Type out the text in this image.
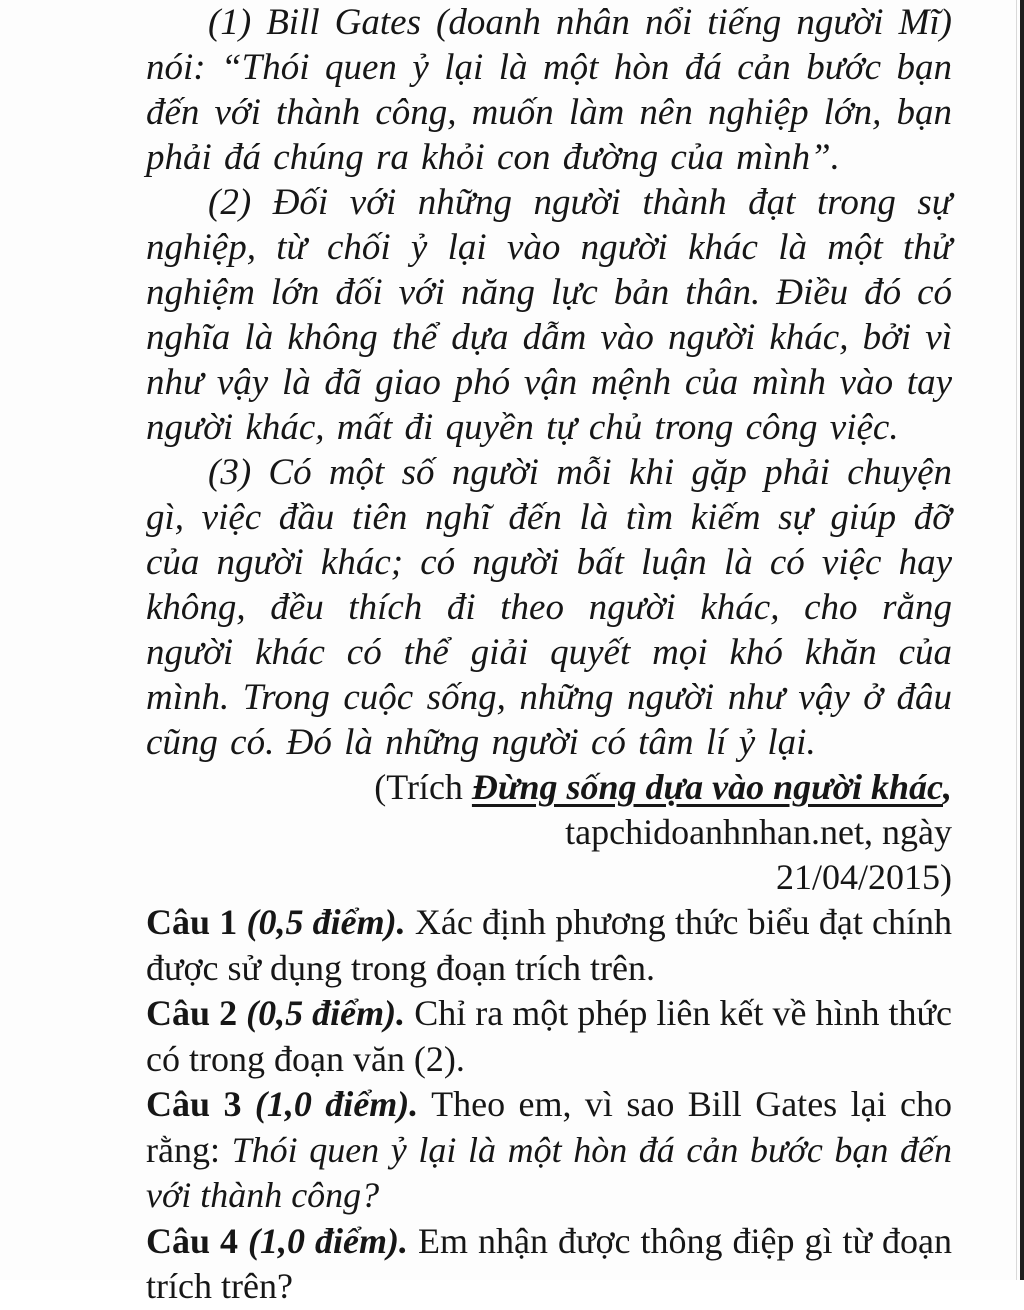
(1) Bill Gates (doanh nhân nổi tiếng người Mĩ) nói: “Thói quen ỷ lại là một hòn đá cản bước bạn đến với thành công, muốn làm nên nghiệp lớn, bạn phải đá chúng ra khỏi con đường của mình”.

(2) Đối với những người thành đạt trong sự nghiệp, từ chối ỷ lại vào người khác là một thử nghiệm lớn đối với năng lực bản thân. Điều đó có nghĩa là không thể dựa dẫm vào người khác, bởi vì như vậy là đã giao phó vận mệnh của mình vào tay người khác, mất đi quyền tự chủ trong công việc.

(3) Có một số người mỗi khi gặp phải chuyện gì, việc đầu tiên nghĩ đến là tìm kiếm sự giúp đỡ của người khác; có người bất luận là có việc hay không, đều thích đi theo người khác, cho rằng người khác có thể giải quyết mọi khó khăn của mình. Trong cuộc sống, những người như vậy ở đâu cũng có. Đó là những người có tâm lí ỷ lại.

(Trích Đừng sống dựa vào người khác,
tapchidoanhnhan.net, ngày
21/04/2015)

Câu 1 (0,5 điểm). Xác định phương thức biểu đạt chính được sử dụng trong đoạn trích trên.

Câu 2 (0,5 điểm). Chỉ ra một phép liên kết về hình thức có trong đoạn văn (2).

Câu 3 (1,0 điểm). Theo em, vì sao Bill Gates lại cho rằng: Thói quen ỷ lại là một hòn đá cản bước bạn đến với thành công?

Câu 4 (1,0 điểm). Em nhận được thông điệp gì từ đoạn trích trên?
